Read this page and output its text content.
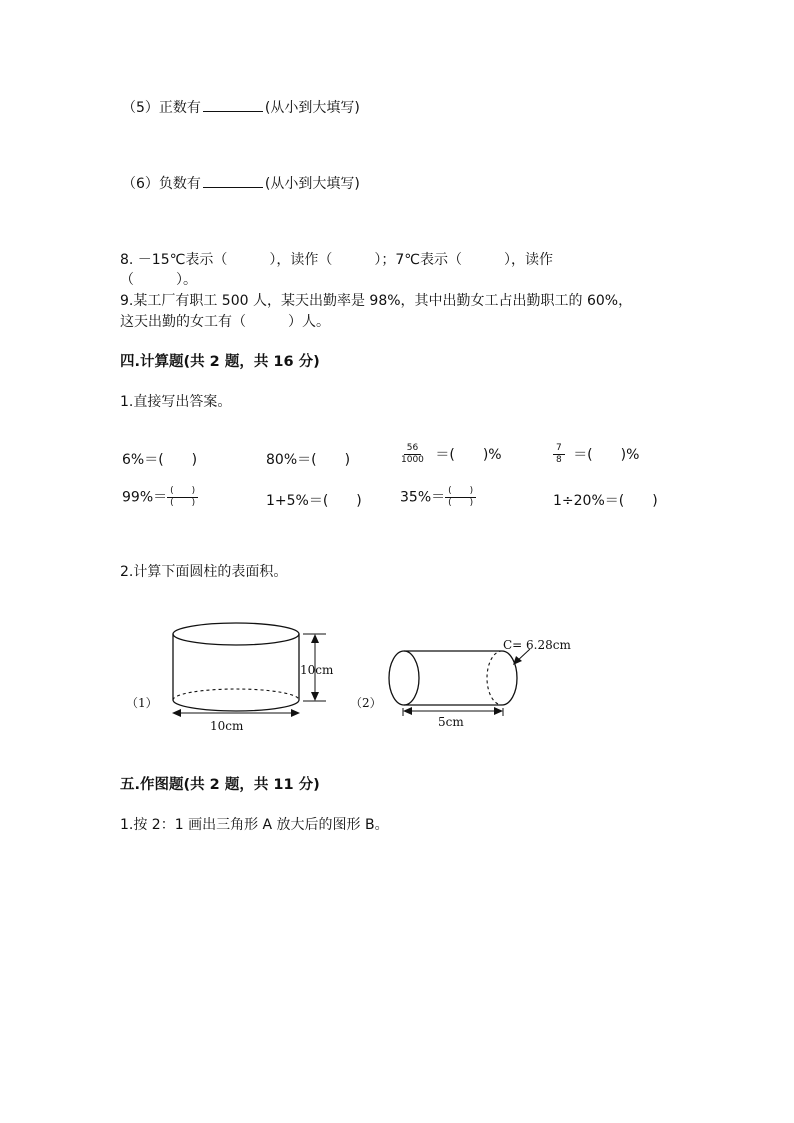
（5）正数有	(从小到大填写)
（6）负数有	(从小到大填写)
8. －15℃表示（　　　），读作（　　　）；7℃表示（　　　），读作
（　　　）。
9.某工厂有职工 500 人，某天出勤率是 98%，其中出勤女工占出勤职工的 60%，
这天出勤的女工有（　　　）人。
四.计算题(共 2 题，共 16 分)
1.直接写出答案。
6%＝(　　)	80%＝(　　)	$\frac{56}{1000}$ ＝(　　)%	$\frac{7}{8}$ ＝(　　)%
$99\%= \frac{( )}{( )}$	1+5%＝(　　)	$35\%= \frac{( )}{( )}$	1÷20%＝(　　)
2.计算下面圆柱的表面积。
（1）
10cm
10cm
（2）
C= 6.28cm
5cm
五.作图题(共 2 题，共 11 分)
1.按 2：1 画出三角形 A 放大后的图形 B。
